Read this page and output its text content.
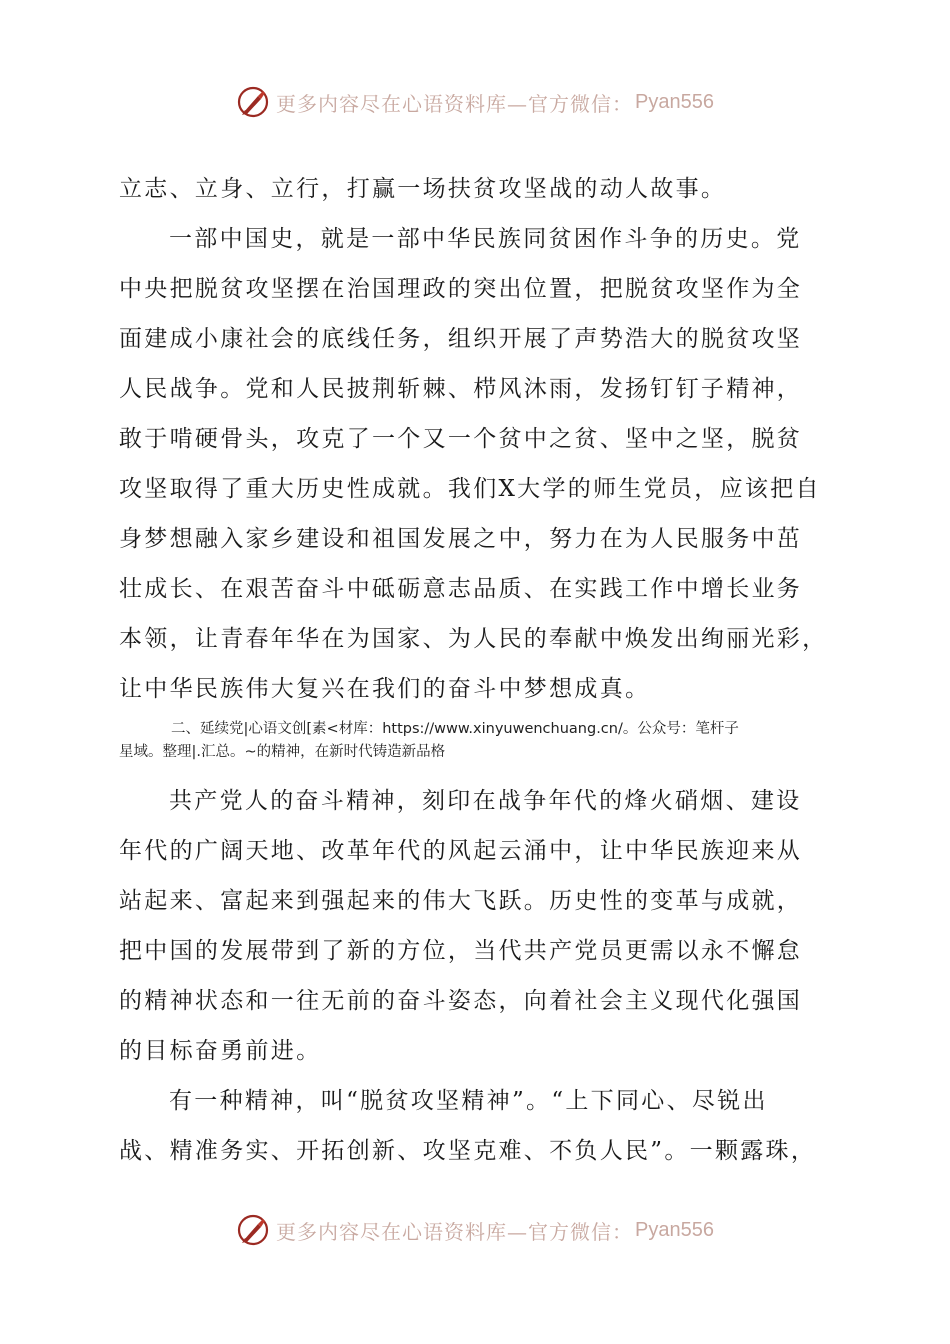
更多内容尽在心语资料库—官方微信： Pyan556
立志、立身、立行，打赢一场扶贫攻坚战的动人故事。
一部中国史，就是一部中华民族同贫困作斗争的历史。党
中央把脱贫攻坚摆在治国理政的突出位置，把脱贫攻坚作为全
面建成小康社会的底线任务，组织开展了声势浩大的脱贫攻坚
人民战争。党和人民披荆斩棘、栉风沐雨，发扬钉钉子精神，
敢于啃硬骨头，攻克了一个又一个贫中之贫、坚中之坚，脱贫
攻坚取得了重大历史性成就。我们X大学的师生党员，应该把自
身梦想融入家乡建设和祖国发展之中，努力在为人民服务中茁
壮成长、在艰苦奋斗中砥砺意志品质、在实践工作中增长业务
本领，让青春年华在为国家、为人民的奉献中焕发出绚丽光彩，
让中华民族伟大复兴在我们的奋斗中梦想成真。
二、延续党|心语文创[素<材库：https://www.xinyuwenchuang.cn/。公众号：笔杆子
星域。整理|.汇总。~的精神，在新时代铸造新品格
共产党人的奋斗精神，刻印在战争年代的烽火硝烟、建设
年代的广阔天地、改革年代的风起云涌中，让中华民族迎来从
站起来、富起来到强起来的伟大飞跃。历史性的变革与成就，
把中国的发展带到了新的方位，当代共产党员更需以永不懈怠
的精神状态和一往无前的奋斗姿态，向着社会主义现代化强国
的目标奋勇前进。
有一种精神，叫“脱贫攻坚精神”。“上下同心、尽锐出
战、精准务实、开拓创新、攻坚克难、不负人民”。一颗露珠，
更多内容尽在心语资料库—官方微信： Pyan556
